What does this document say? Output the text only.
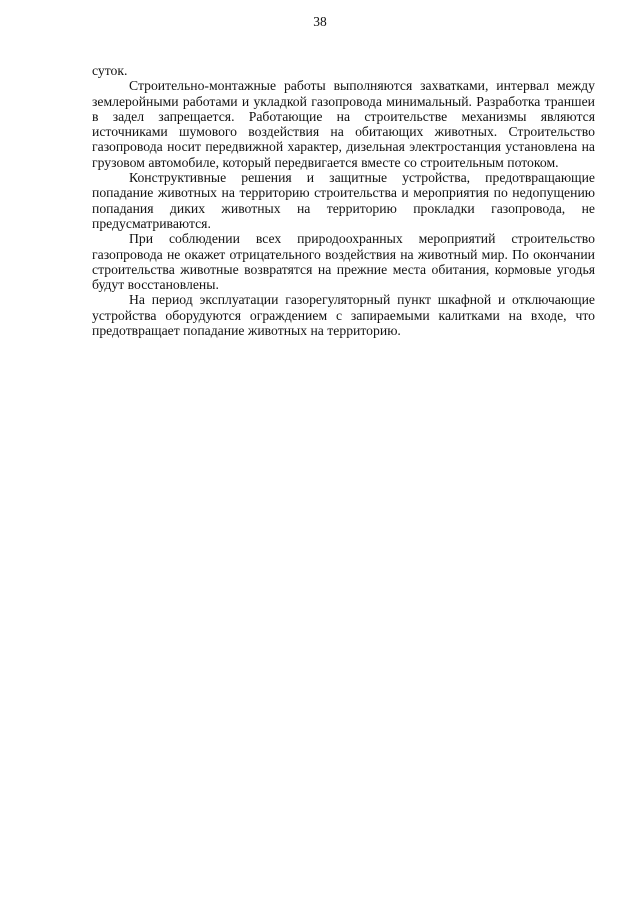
38

суток.

Строительно-монтажные работы выполняются захватками, интервал между землеройными работами и укладкой газопровода минимальный. Разработка траншеи в задел запрещается. Работающие на строительстве механизмы являются источниками шумового воздействия на обитающих животных. Строительство газопровода носит передвижной характер, дизельная электростанция установлена на грузовом автомобиле, который передвигается вместе со строительным потоком.

Конструктивные решения и защитные устройства, предотвращающие попадание животных на территорию строительства и мероприятия по недопущению попадания диких животных на территорию прокладки газопровода, не предусматриваются.

При соблюдении всех природоохранных мероприятий строительство газопровода не окажет отрицательного воздействия на животный мир. По окончании строительства животные возвратятся на прежние места обитания, кормовые угодья будут восстановлены.

На период эксплуатации газорегуляторный пункт шкафной и отключающие устройства оборудуются ограждением с запираемыми калитками на входе, что предотвращает попадание животных на территорию.
